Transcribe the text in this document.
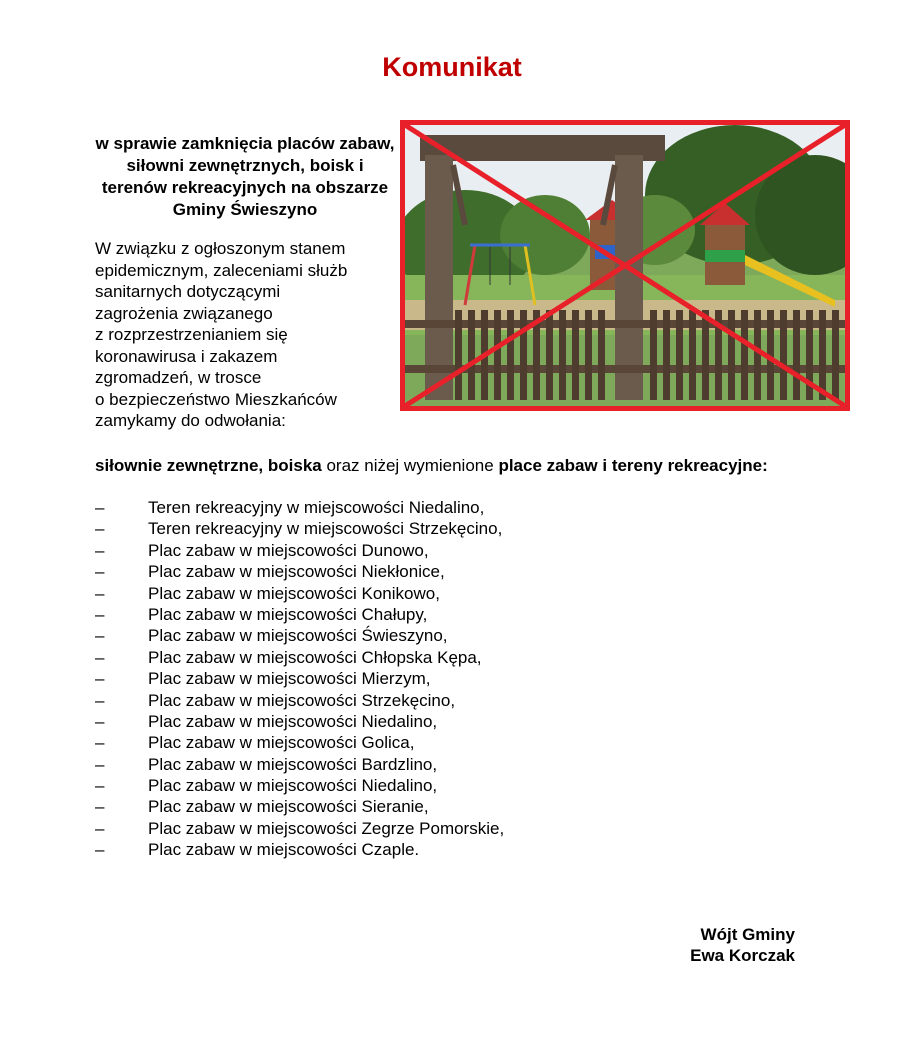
Komunikat
w sprawie zamknięcia placów zabaw, siłowni zewnętrznych, boisk i terenów rekreacyjnych na obszarze Gminy Świeszyno
W związku z ogłoszonym stanem
epidemicznym, zaleceniami służb
sanitarnych dotyczącymi
zagrożenia związanego
z rozprzestrzenianiem się
koronawirusa i zakazem
zgromadzeń, w trosce
o bezpieczeństwo Mieszkańców
zamykamy do odwołania:
siłownie zewnętrzne, boiska oraz niżej wymienione place zabaw i tereny rekreacyjne:
–	Teren rekreacyjny w miejscowości Niedalino,
–	Teren rekreacyjny w miejscowości Strzekęcino,
–	Plac zabaw w miejscowości Dunowo,
–	Plac zabaw w miejscowości Niekłonice,
–	Plac zabaw w miejscowości Konikowo,
–	Plac zabaw w miejscowości Chałupy,
–	Plac zabaw w miejscowości Świeszyno,
–	Plac zabaw w miejscowości Chłopska Kępa,
–	Plac zabaw w miejscowości Mierzym,
–	Plac zabaw w miejscowości Strzekęcino,
–	Plac zabaw w miejscowości Niedalino,
–	Plac zabaw w miejscowości Golica,
–	Plac zabaw w miejscowości Bardzlino,
–	Plac zabaw w miejscowości Niedalino,
–	Plac zabaw w miejscowości Sieranie,
–	Plac zabaw w miejscowości Zegrze Pomorskie,
–	Plac zabaw w miejscowości Czaple.
Wójt Gminy
Ewa Korczak
